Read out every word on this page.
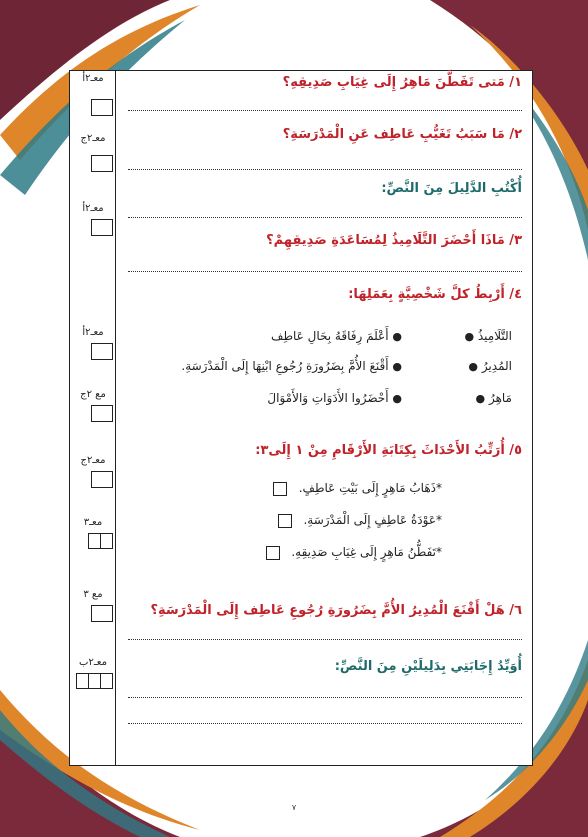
معـ٢أ
معـ٢ج
معـ٢أ
معـ٢أ
مع ٢ج
معـ٢ج
معـ٣
مع ٣
معـ٢ب
١/ مَتى تَفَطَّنَ مَاهِرُ إِلَى غِيَابِ صَدِيقِهِ؟
٢/ مَا سَبَبُ تَغَيُّبِ عَاطِف عَنِ الْمَدْرَسَةِ؟
أُكْتُبِ الدَّلِيلَ مِنَ النَّصِّ:
٣/ مَاذَا أَحْضَرَ التَّلَامِيذُ لِمُسَاعَدَةِ صَدِيقِهِمْ؟
٤/ أَرْبِطُ كلَّ شَخْصِيَّةٍ بِعَمَلِهَا:
التَّلَامِيذُ ●
المُدِيرُ ●
مَاهِرُ ●
● أَعْلَمَ رِفَاقَهُ بِحَالِ عَاطِف
● أَقْنَعَ الأُمَّ بِضَرُورَةِ رُجُوعِ ابْنِهَا إِلَى الْمَدْرَسَةِ.
● أَحْضَرُوا الأَدَوَاتِ وَالأَمْوَالَ
٥/ أُرَتِّبُ الأَحْدَاثَ بِكِتَابَةِ الأَرْقَامِ مِنْ ١ إِلَى٣:
*ذَهَابُ مَاهِرٍ إِلَى بَيْتِ عَاطِفٍ.
*عَوْدَةُ عَاطِفٍ إِلَى الْمَدْرَسَةِ.
*تَفَطُّنُ مَاهِرٍ إِلَى غِيَابِ صَدِيقِهِ.
٦/ هَلْ أَقْنَعَ الْمُدِيرُ الأُمَّ بِضَرُورَةِ رُجُوعِ عَاطِف إِلَى الْمَدْرَسَةِ؟
أُوَيِّدُ إِجَابَتِي بِدَلِيلَيْنِ مِنَ النَّصِّ:
٧
